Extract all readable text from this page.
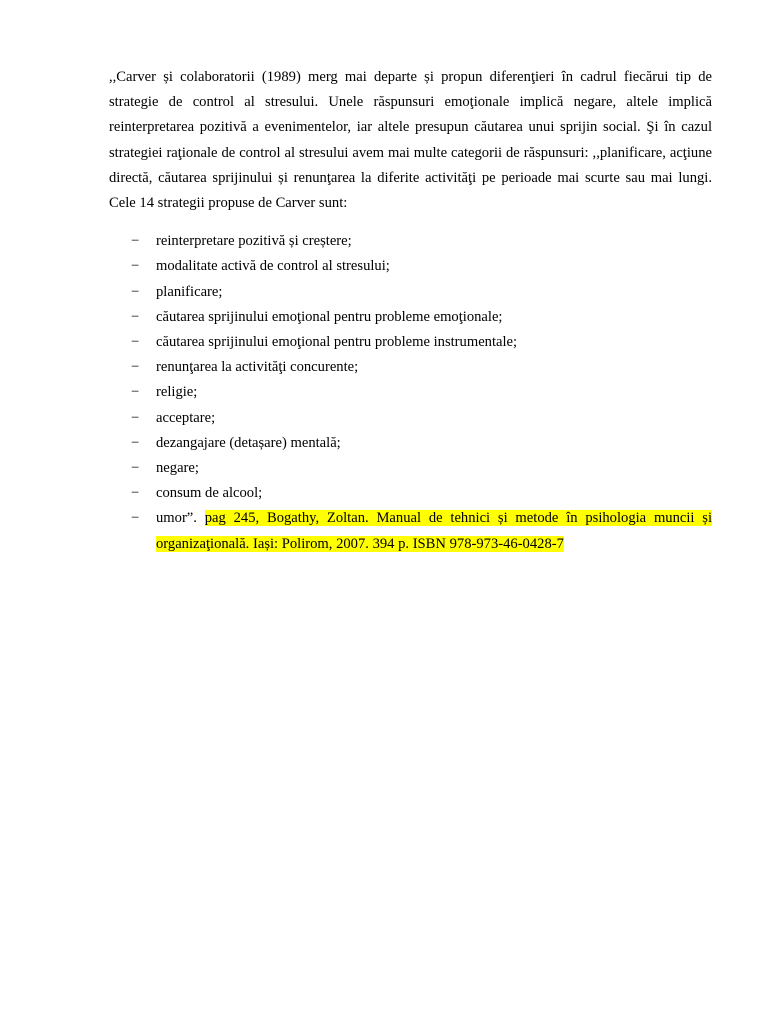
,,Carver și colaboratorii (1989) merg mai departe și propun diferenţieri în cadrul fiecărui tip de strategie de control al stresului. Unele răspunsuri emoţionale implică negare, altele implică reinterpretarea pozitivă a evenimentelor, iar altele presupun căutarea unui sprijin social. Şi în cazul strategiei raţionale de control al stresului avem mai multe categorii de răspunsuri: ,,planificare, acţiune directă, căutarea sprijinului și renunţarea la diferite activităţi pe perioade mai scurte sau mai lungi. Cele 14 strategii propuse de Carver sunt:

− reinterpretare pozitivă și creștere;
− modalitate activă de control al stresului;
− planificare;
− căutarea sprijinului emoţional pentru probleme emoţionale;
− căutarea sprijinului emoţional pentru probleme instrumentale;
− renunţarea la activităţi concurente;
− religie;
− acceptare;
− dezangajare (detașare) mentală;
− negare;
− consum de alcool;
− umor”. pag 245, Bogathy, Zoltan. Manual de tehnici și metode în psihologia muncii și organizaţională. Iași: Polirom, 2007. 394 p. ISBN 978-973-46-0428-7
